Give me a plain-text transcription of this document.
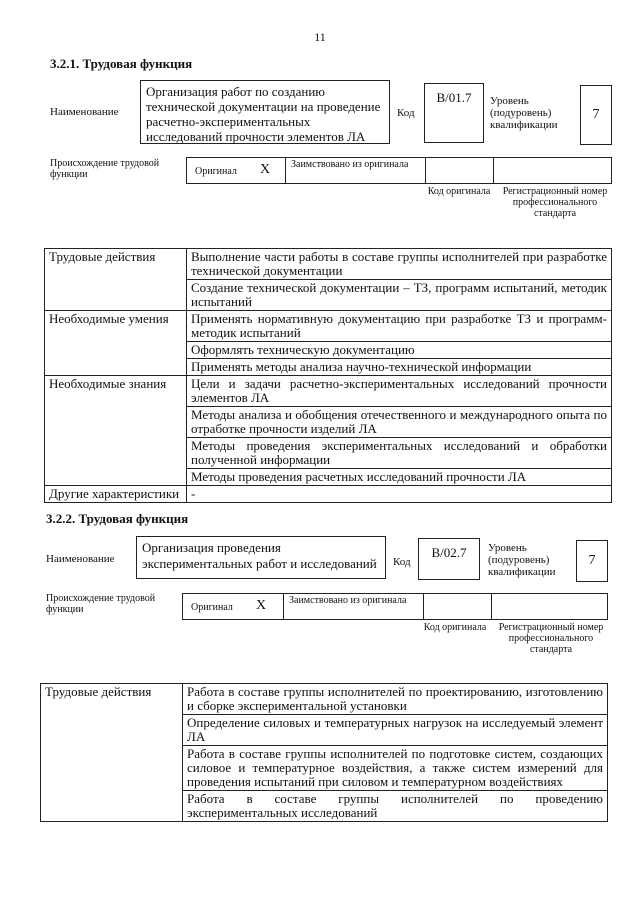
11
3.2.1. Трудовая функция
Наименование
Организация работ по созданию технической документации на проведение расчетно-экспериментальных исследований прочности элементов ЛА
Код
В/01.7	Уровень (подуровень) квалификации
7
Происхождение трудовой функции	Оригинал X Заимствовано из оригинала
Код оригинала	Регистрационный номер профессионального стандарта
Трудовые действия	Выполнение части работы в составе группы исполнителей при разработке технической документации
	Создание технической документации – ТЗ, программ испытаний, методик испытаний
Необходимые умения	Применять нормативную документацию при разработке ТЗ и программ-методик испытаний
	Оформлять техническую документацию
	Применять методы анализа научно-технической информации
Необходимые знания	Цели и задачи расчетно-экспериментальных исследований прочности элементов ЛА
	Методы анализа и обобщения отечественного и международного опыта по отработке прочности изделий ЛА
	Методы проведения экспериментальных исследований и обработки полученной информации
	Методы проведения расчетных исследований прочности ЛА
Другие характеристики	-
3.2.2. Трудовая функция
Наименование
Организация проведения экспериментальных работ и исследований	Код
В/02.7	Уровень (подуровень) квалификации
7
Происхождение трудовой функции	Оригинал X Заимствовано из оригинала
Код оригинала	Регистрационный номер профессионального стандарта
Трудовые действия	Работа в составе группы исполнителей по проектированию, изготовлению и сборке экспериментальной установки
Определение силовых и температурных нагрузок на исследуемый элемент ЛА
Работа в составе группы исполнителей по подготовке систем, создающих силовое и температурное воздействия, а также систем измерений для проведения испытаний при силовом и температурном воздействиях
Работа в составе группы исполнителей по проведению экспериментальных исследований
